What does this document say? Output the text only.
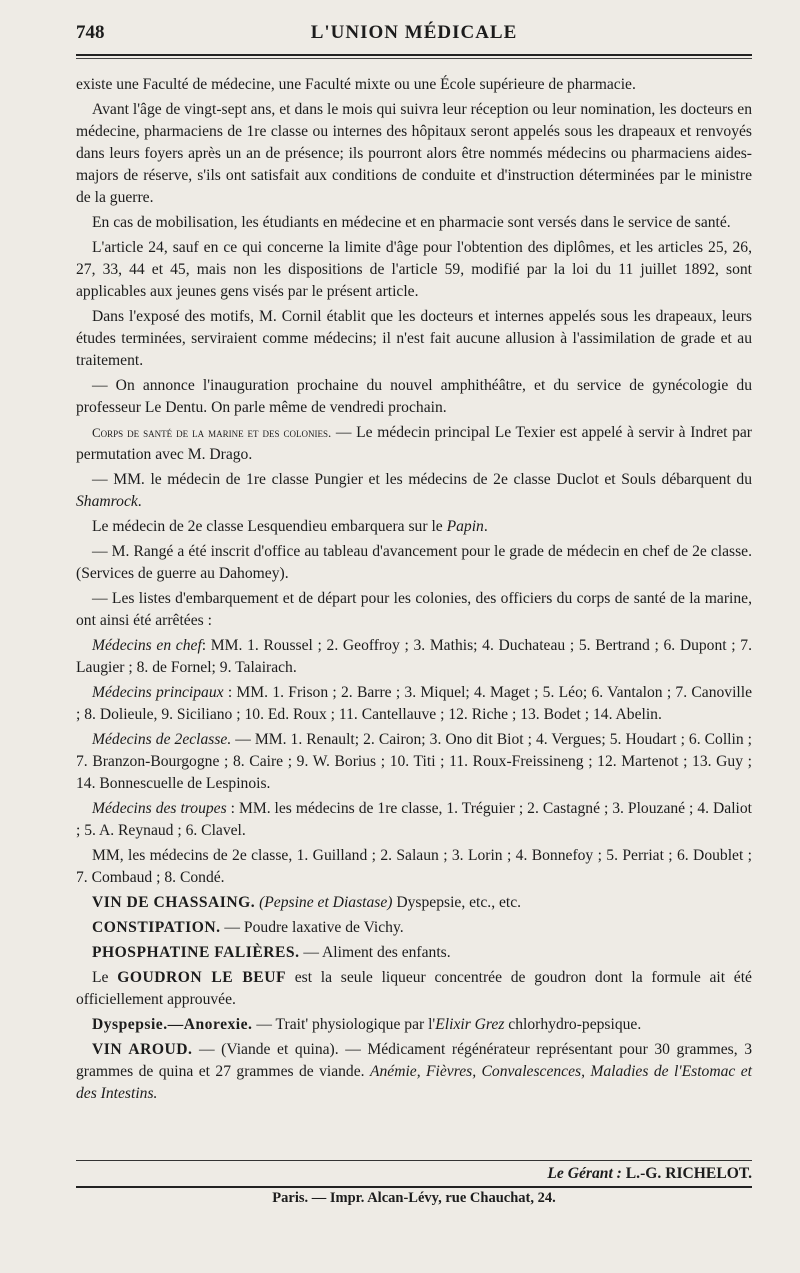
748	L'UNION MÉDICALE

existe une Faculté de médecine, une Faculté mixte ou une École supérieure de pharmacie.

Avant l'âge de vingt-sept ans, et dans le mois qui suivra leur réception ou leur nomination, les docteurs en médecine, pharmaciens de 1re classe ou internes des hôpitaux seront appelés sous les drapeaux et renvoyés dans leurs foyers après un an de présence; ils pourront alors être nommés médecins ou pharmaciens aides-majors de réserve, s'ils ont satisfait aux conditions de conduite et d'instruction déterminées par le ministre de la guerre.

En cas de mobilisation, les étudiants en médecine et en pharmacie sont versés dans le service de santé.

L'article 24, sauf en ce qui concerne la limite d'âge pour l'obtention des diplômes, et les articles 25, 26, 27, 33, 44 et 45, mais non les dispositions de l'article 59, modifié par la loi du 11 juillet 1892, sont applicables aux jeunes gens visés par le présent article.

Dans l'exposé des motifs, M. Cornil établit que les docteurs et internes appelés sous les drapeaux, leurs études terminées, serviraient comme médecins; il n'est fait aucune allusion à l'assimilation de grade et au traitement.

— On annonce l'inauguration prochaine du nouvel amphithéâtre, et du service de gynécologie du professeur Le Dentu. On parle même de vendredi prochain.

Corps de santé de la marine et des colonies. — Le médecin principal Le Texier est appelé à servir à Indret par permutation avec M. Drago.

— MM. le médecin de 1re classe Pungier et les médecins de 2e classe Duclot et Souls débarquent du Shamrock.

Le médecin de 2e classe Lesquendieu embarquera sur le Papin.

— M. Rangé a été inscrit d'office au tableau d'avancement pour le grade de médecin en chef de 2e classe. (Services de guerre au Dahomey).

— Les listes d'embarquement et de départ pour les colonies, des officiers du corps de santé de la marine, ont ainsi été arrêtées :

Médecins en chef: MM. 1. Roussel ; 2. Geoffroy ; 3. Mathis; 4. Duchateau ; 5. Bertrand ; 6. Dupont ; 7. Laugier ; 8. de Fornel; 9. Talairach.

Médecins principaux : MM. 1. Frison ; 2. Barre ; 3. Miquel; 4. Maget ; 5. Léo; 6. Vantalon ; 7. Canoville ; 8. Dolieule, 9. Siciliano ; 10. Ed. Roux ; 11. Cantellauve ; 12. Riche ; 13. Bodet ; 14. Abelin.

Médecins de 2eclasse. — MM. 1. Renault; 2. Cairon; 3. Ono dit Biot ; 4. Vergues; 5. Houdart ; 6. Collin ; 7. Branzon-Bourgogne ; 8. Caire ; 9. W. Borius ; 10. Titi ; 11. Roux-Freissineng ; 12. Martenot ; 13. Guy ; 14. Bonnescuelle de Lespinois.

Médecins des troupes : MM. les médecins de 1re classe, 1. Tréguier ; 2. Castagné ; 3. Plouzané ; 4. Daliot ; 5. A. Reynaud ; 6. Clavel.

MM, les médecins de 2e classe, 1. Guilland ; 2. Salaun ; 3. Lorin ; 4. Bonnefoy ; 5. Perriat ; 6. Doublet ; 7. Combaud ; 8. Condé.

VIN DE CHASSAING. (Pepsine et Diastase) Dyspepsie, etc., etc.

CONSTIPATION. — Poudre laxative de Vichy.

PHOSPHATINE FALIÈRES. — Aliment des enfants.

Le GOUDRON LE BEUF est la seule liqueur concentrée de goudron dont la formule ait été officiellement approuvée.

Dyspepsie.—Anorexie. — Trait' physiologique par l'Elixir Grez chlorhydro-pepsique.

VIN AROUD. — (Viande et quina). — Médicament régénérateur représentant pour 30 grammes, 3 grammes de quina et 27 grammes de viande. Anémie, Fièvres, Convalescences, Maladies de l'Estomac et des Intestins.

Le Gérant : L.-G. RICHELOT.
Paris. — Impr. Alcan-Lévy, rue Chauchat, 24.
